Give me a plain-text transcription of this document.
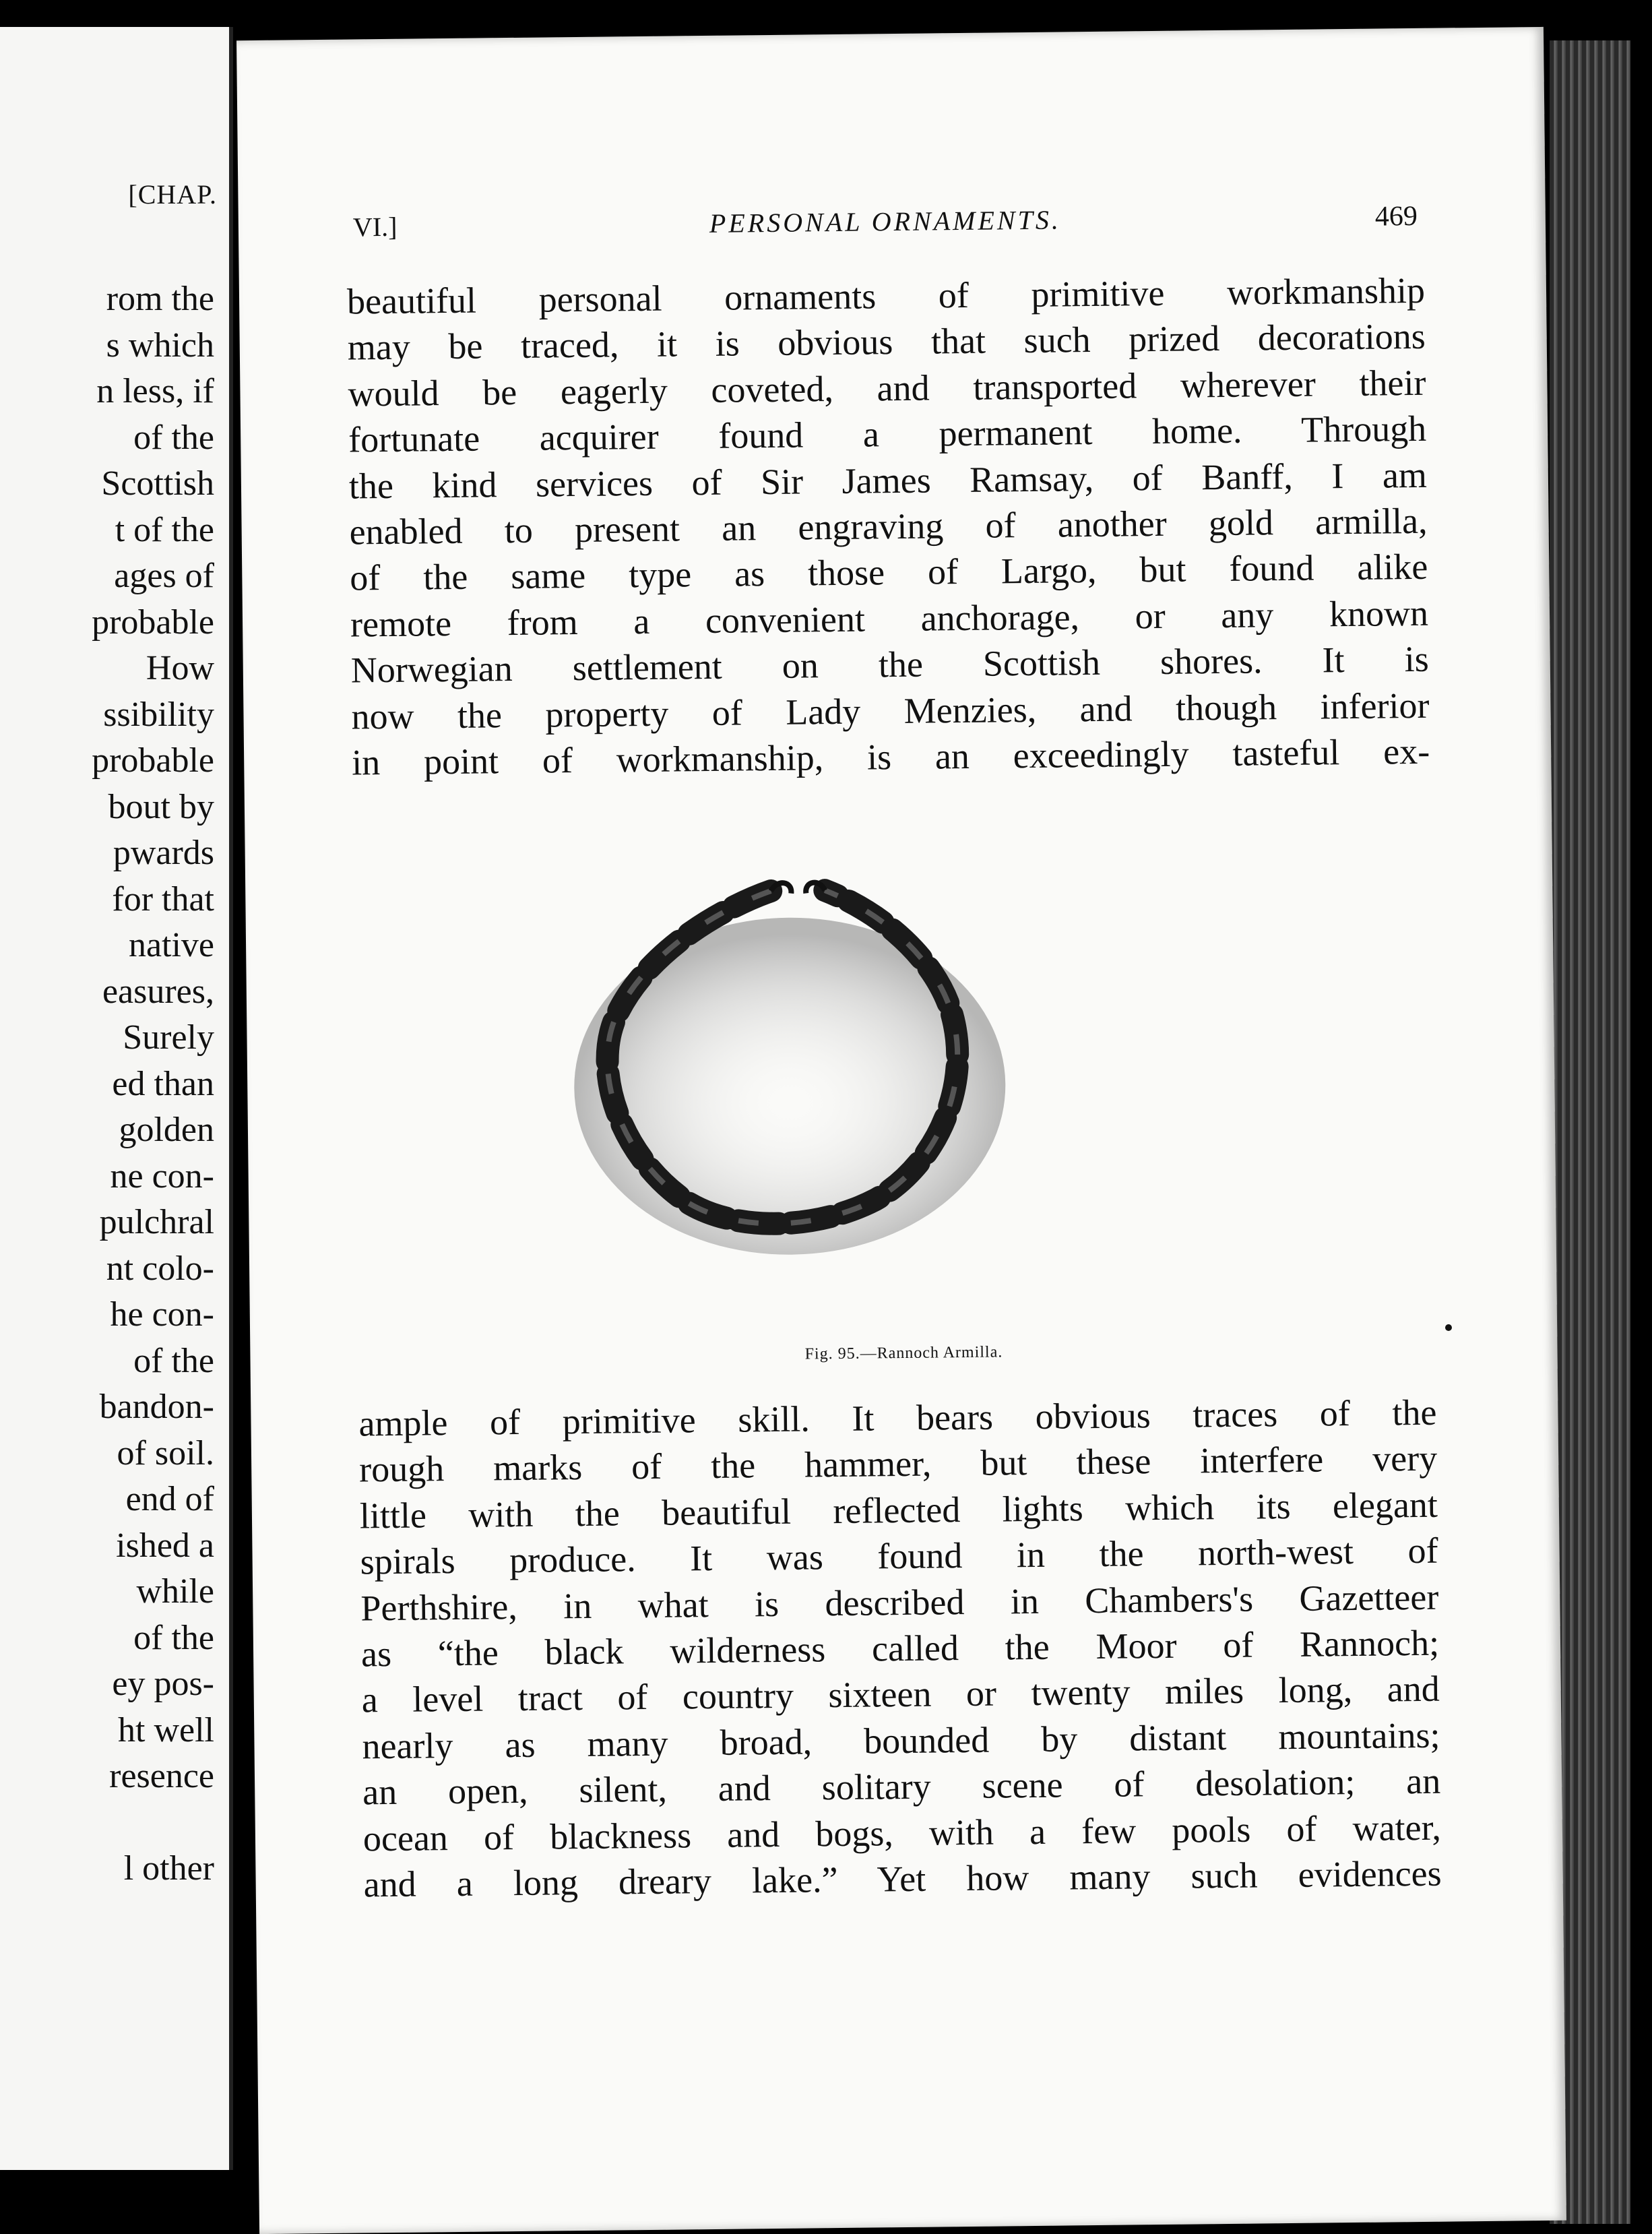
[CHAP.
rom the
s which
n less, if
of the
Scottish
t of the
ages of
probable
How
ssibility
probable
bout by
pwards
for that
native
easures,
Surely
ed than
golden
ne con-
pulchral
nt colo-
he con-
of the
bandon-
of soil.
end of
ished a
while
of the
ey pos-
ht well
resence
l other
VI.]	PERSONAL ORNAMENTS.	469
beautiful personal ornaments of primitive workmanship
may be traced, it is obvious that such prized decorations
would be eagerly coveted, and transported wherever their
fortunate acquirer found a permanent home. Through
the kind services of Sir James Ramsay, of Banff, I am
enabled to present an engraving of another gold armilla,
of the same type as those of Largo, but found alike
remote from a convenient anchorage, or any known
Norwegian settlement on the Scottish shores. It is
now the property of Lady Menzies, and though inferior
in point of workmanship, is an exceedingly tasteful ex-
Fig. 95.—Rannoch Armilla.
ample of primitive skill. It bears obvious traces of the
rough marks of the hammer, but these interfere very
little with the beautiful reflected lights which its elegant
spirals produce. It was found in the north-west of
Perthshire, in what is described in Chambers's Gazetteer
as “the black wilderness called the Moor of Rannoch;
a level tract of country sixteen or twenty miles long, and
nearly as many broad, bounded by distant mountains;
an open, silent, and solitary scene of desolation; an
ocean of blackness and bogs, with a few pools of water,
and a long dreary lake.” Yet how many such evidences
